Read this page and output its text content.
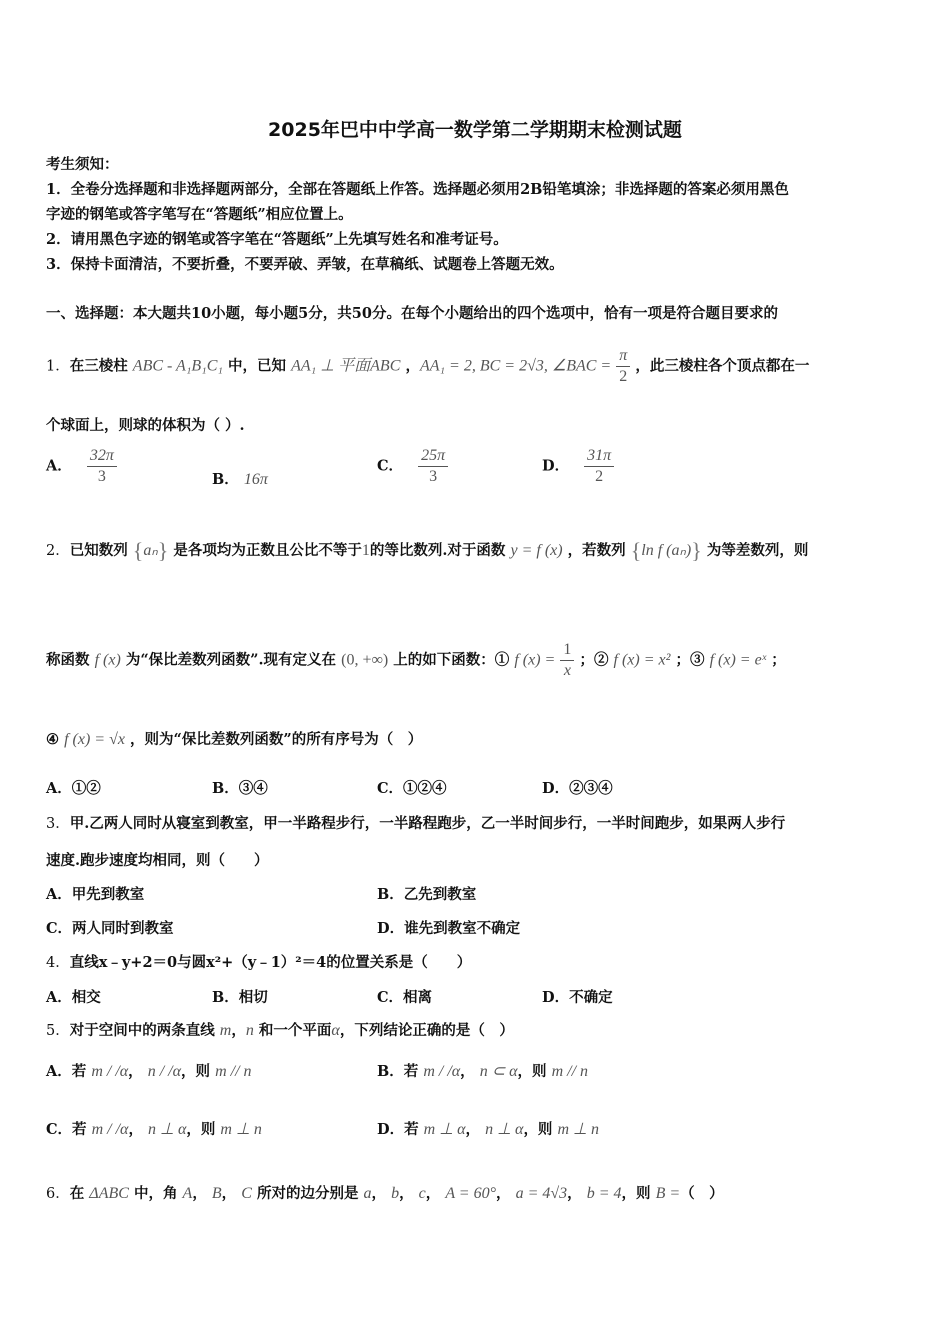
2025年巴中中学高一数学第二学期期末检测试题
考生须知：
1．全卷分选择题和非选择题两部分，全部在答题纸上作答。选择题必须用2B铅笔填涂；非选择题的答案必须用黑色
字迹的钢笔或答字笔写在“答题纸”相应位置上。
2．请用黑色字迹的钢笔或答字笔在“答题纸”上先填写姓名和准考证号。
3．保持卡面清洁，不要折叠，不要弄破、弄皱，在草稿纸、试题卷上答题无效。
一、选择题：本大题共10小题，每小题5分，共50分。在每个小题给出的四个选项中，恰有一项是符合题目要求的
1．在三棱柱 ABC - A₁B₁C₁ 中，已知 AA₁ ⊥ 平面ABC ，AA₁ = 2, BC = 2√3, ∠BAC = $\frac{\pi}{2}$ ，此三棱柱各个顶点都在一
个球面上，则球的体积为（ ）.
A． $\frac{32\pi}{3}$	B． 16π
C． $\frac{25\pi}{3}$	D． $\frac{31\pi}{2}$
2．已知数列 {aₙ} 是各项均为正数且公比不等于1的等比数列.对于函数 y = f (x) ，若数列 {ln f (aₙ)} 为等差数列，则
称函数 f (x) 为“保比差数列函数”.现有定义在 (0, +∞) 上的如下函数：① f $(x) = \frac{1}{x}$ ；② f (x) = x² ；③ f (x) = eˣ ；
④ f (x) = √x ，则为“保比差数列函数”的所有序号为（　）
A．①②	B．③④	C．①②④	D．②③④
3．甲.乙两人同时从寝室到教室，甲一半路程步行，一半路程跑步，乙一半时间步行，一半时间跑步，如果两人步行
速度.跑步速度均相同，则（　　）
A．甲先到教室	B．乙先到教室
C．两人同时到教室	D．谁先到教室不确定
4．直线x﹣y+2＝0与圆x²+（y﹣1）²＝4的位置关系是（　　）
A．相交	B．相切	C．相离	D．不确定
5．对于空间中的两条直线 m，n 和一个平面α，下列结论正确的是（　）
A．若 m / /α， n / /α，则 m // n	B．若 m / /α， n ⊂ α，则 m // n
C．若 m / /α， n ⊥ α，则 m ⊥ n	D．若 m ⊥ α， n ⊥ α，则 m ⊥ n
6．在 ΔABC 中，角 A， B， C 所对的边分别是 a， b， c， A = 60°， a = 4√3， b = 4，则 B =（　）
